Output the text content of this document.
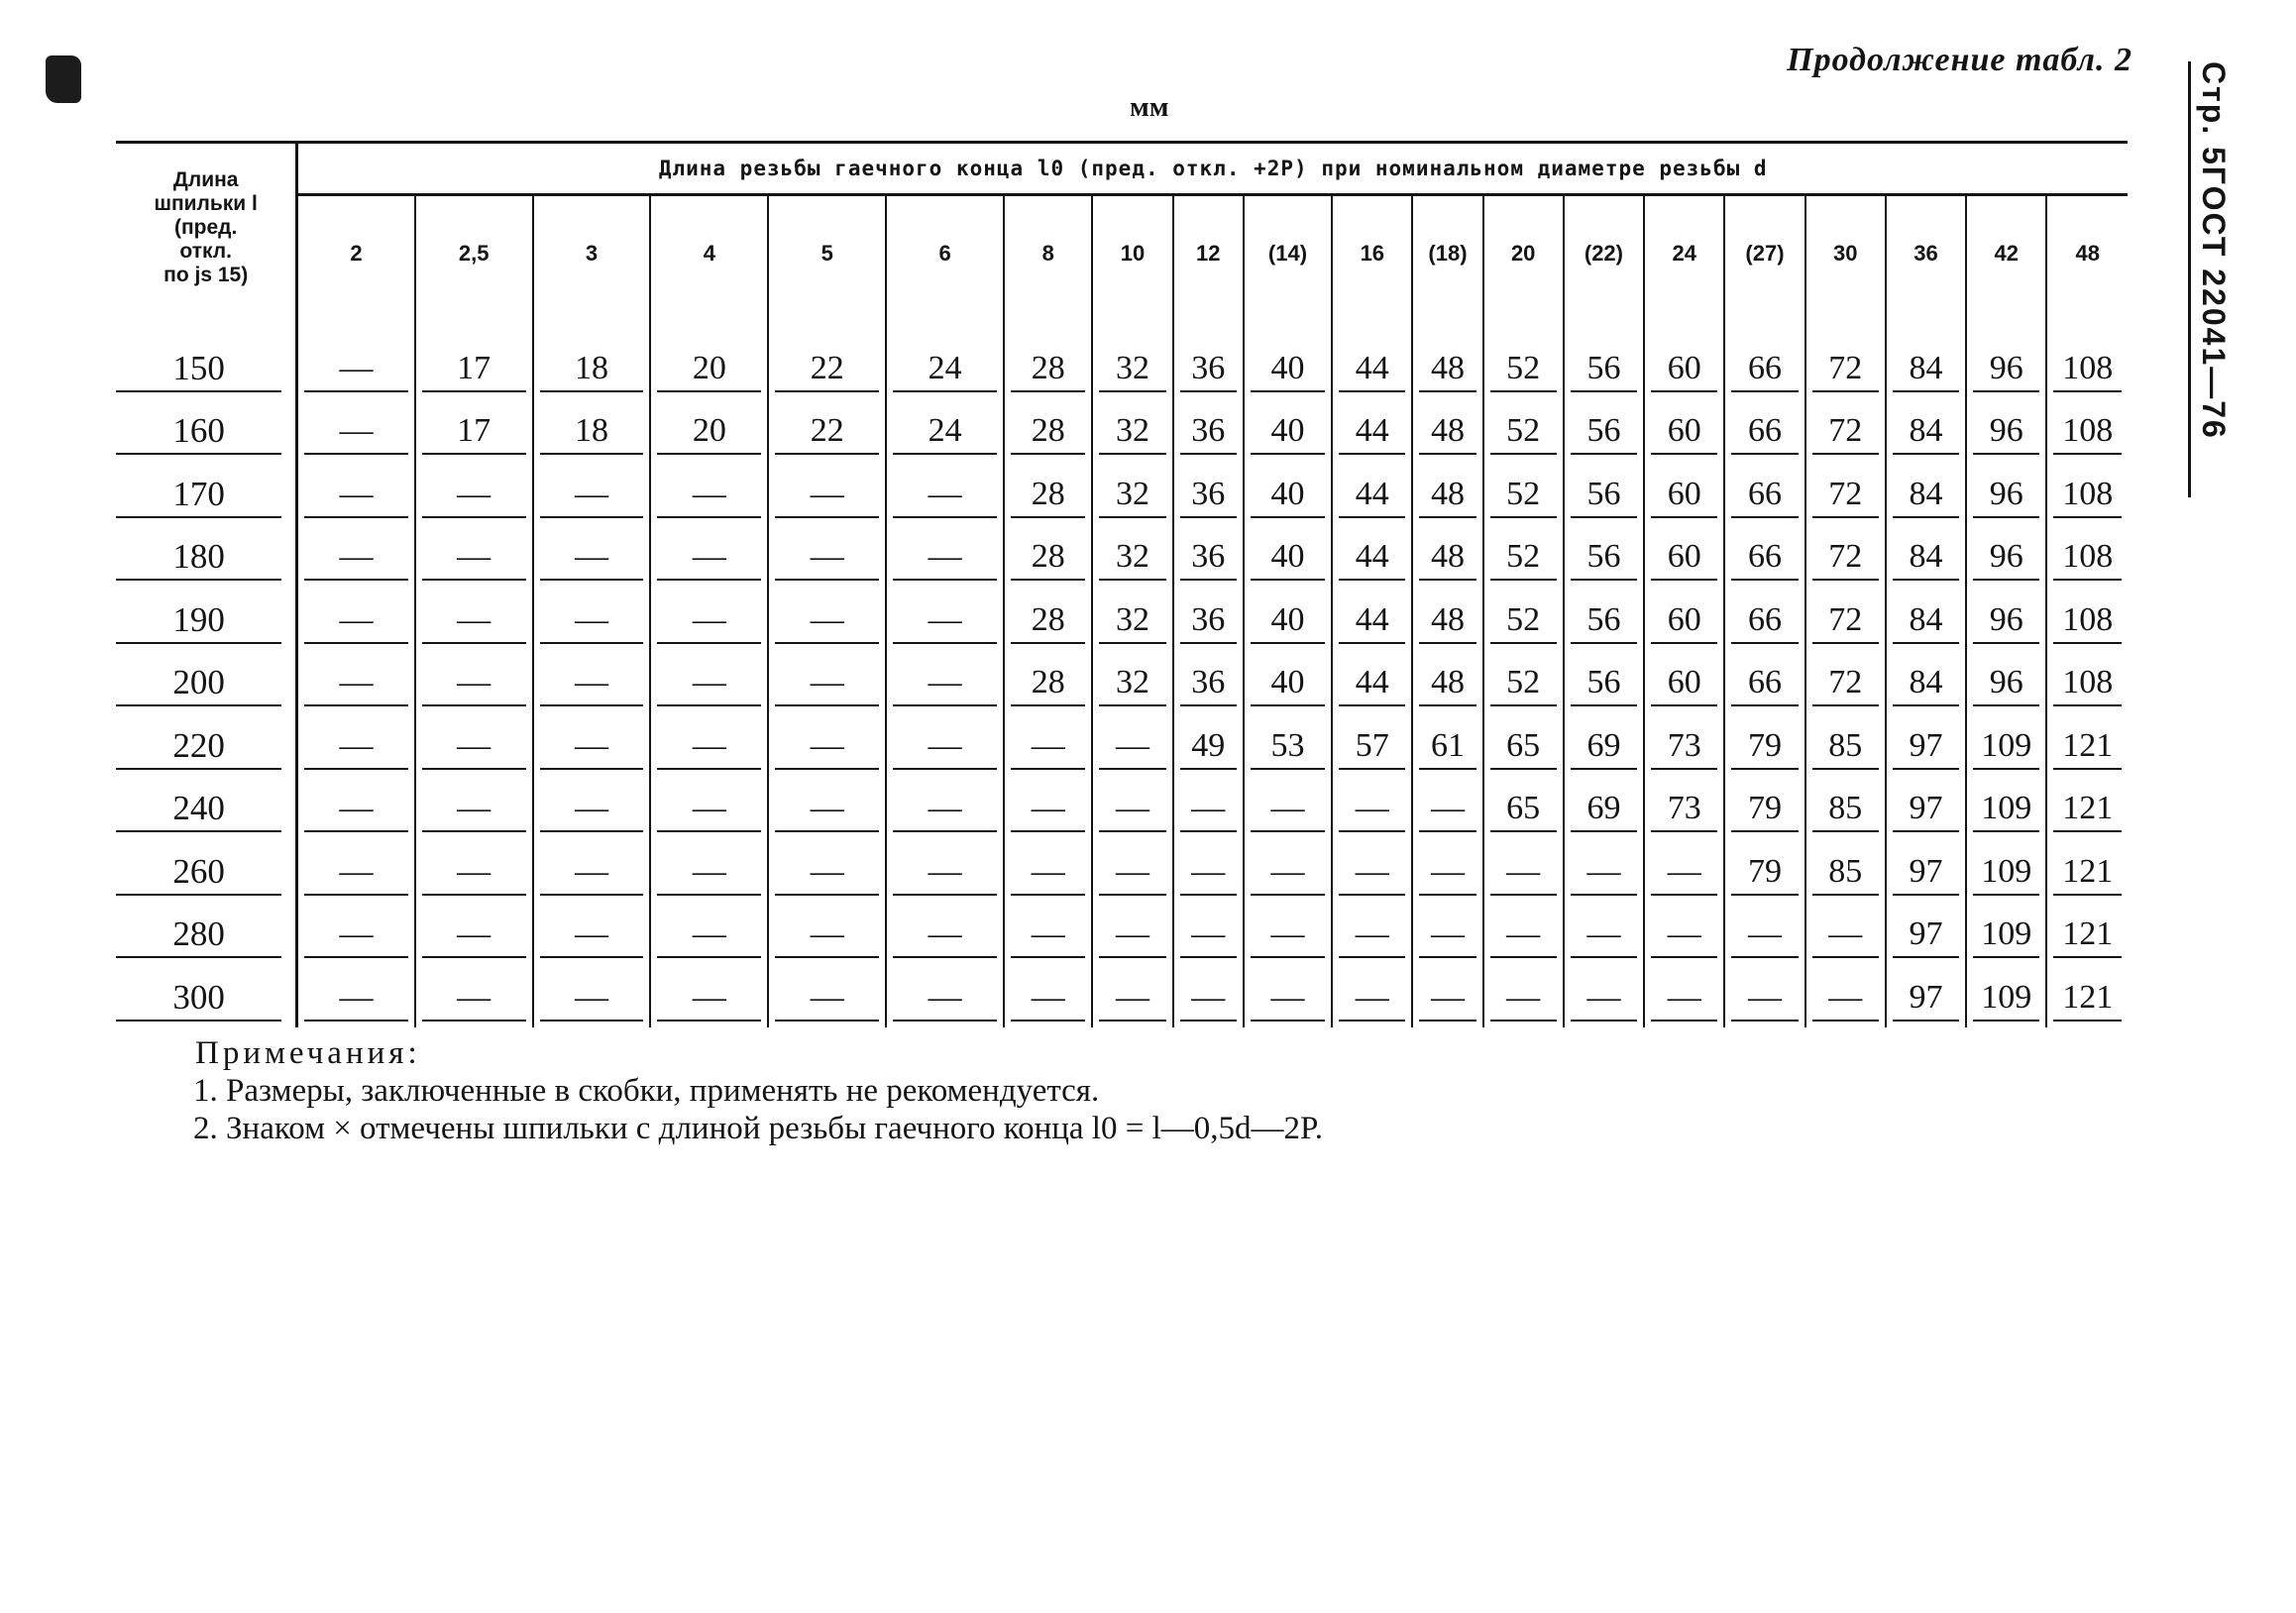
Продолжение табл. 2
мм	Стр. 5ГОСТ 22041—76
Длина
шпильки l
(пред.
откл.
по js 15)	Длина резьбы гаечного конца l0 (пред. откл. +2P) при номинальном диаметре резьбы d																			
	2	2,5	3	4	5	6	8	10	12	(14)	16	(18)	20	(22)	24	(27)	30	36	42	48

150	—	17	18	20	22	24	28	32	36	40	44	48	52	56	60	66	72	84	96	108

160	—	17	18	20	22	24	28	32	36	40	44	48	52	56	60	66	72	84	96	108

170	—	—	—	—	—	—	28	32	36	40	44	48	52	56	60	66	72	84	96	108

180	—	—	—	—	—	—	28	32	36	40	44	48	52	56	60	66	72	84	96	108

190	—	—	—	—	—	—	28	32	36	40	44	48	52	56	60	66	72	84	96	108

200	—	—	—	—	—	—	28	32	36	40	44	48	52	56	60	66	72	84	96	108

220	—	—	—	—	—	—	—	—	49	53	57	61	65	69	73	79	85	97	109	121

240	—	—	—	—	—	—	—	—	—	—	—	—	65	69	73	79	85	97	109	121

260	—	—	—	—	—	—	—	—	—	—	—	—	—	—	—	79	85	97	109	121

280	—	—	—	—	—	—	—	—	—	—	—	—	—	—	—	—	—	97	109	121

300	—	—	—	—	—	—	—	—	—	—	—	—	—	—	—	—	—	97	109	121
Примечания:
1. Размеры, заключенные в скобки, применять не рекомендуется.
2. Знаком × отмечены шпильки с длиной резьбы гаечного конца l0 = l—0,5d—2P.
